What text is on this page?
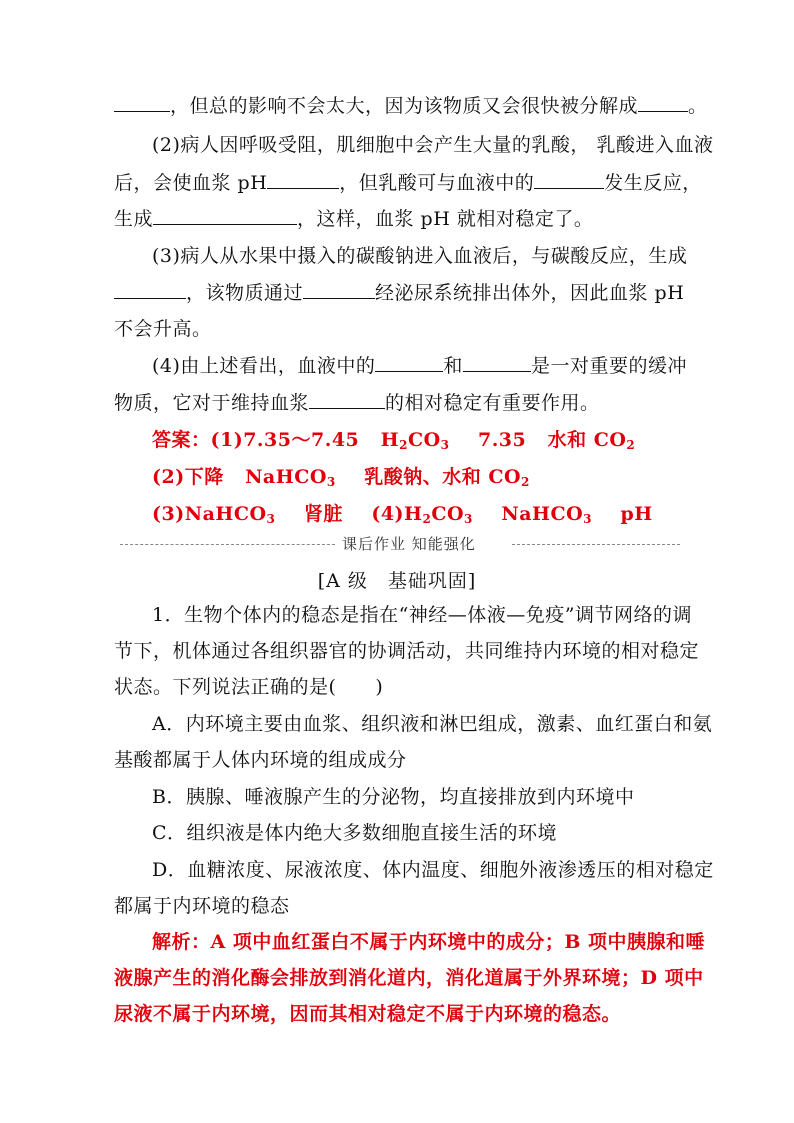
，但总的影响不会太大，因为该物质又会很快被分解成	。
(2)病人因呼吸受阻，肌细胞中会产生大量的乳酸， 乳酸进入血液
后，会使血浆 pH	，但乳酸可与血液中的	发生反应，
生成	，这样，血浆 pH 就相对稳定了。
(3)病人从水果中摄入的碳酸钠进入血液后，与碳酸反应，生成
，该物质通过	经泌尿系统排出体外，因此血浆 pH
不会升高。
(4)由上述看出，血液中的	和	是一对重要的缓冲
物质，它对于维持血浆	的相对稳定有重要作用。
答案：(1)7.35～7.45 $H_2CO_3$ 7.35 水和 $CO_2$
(2)下降 NaHCO$_3$ 乳酸钠、水和 $CO_2$
(3)NaHCO$_3$ 肾脏 $(4)H_2CO_3$ NaHCO$_3$ pH
课后作业 知能强化
[A 级　基础巩固]
1．生物个体内的稳态是指在“神经—体液—免疫”调节网络的调
节下，机体通过各组织器官的协调活动，共同维持内环境的相对稳定
状态。下列说法正确的是(　　)
A．内环境主要由血浆、组织液和淋巴组成，激素、血红蛋白和氨
基酸都属于人体内环境的组成成分
B．胰腺、唾液腺产生的分泌物，均直接排放到内环境中
C．组织液是体内绝大多数细胞直接生活的环境
D．血糖浓度、尿液浓度、体内温度、细胞外液渗透压的相对稳定
都属于内环境的稳态
解析：A 项中血红蛋白不属于内环境中的成分；B 项中胰腺和唾
液腺产生的消化酶会排放到消化道内，消化道属于外界环境；D 项中
尿液不属于内环境，因而其相对稳定不属于内环境的稳态。
